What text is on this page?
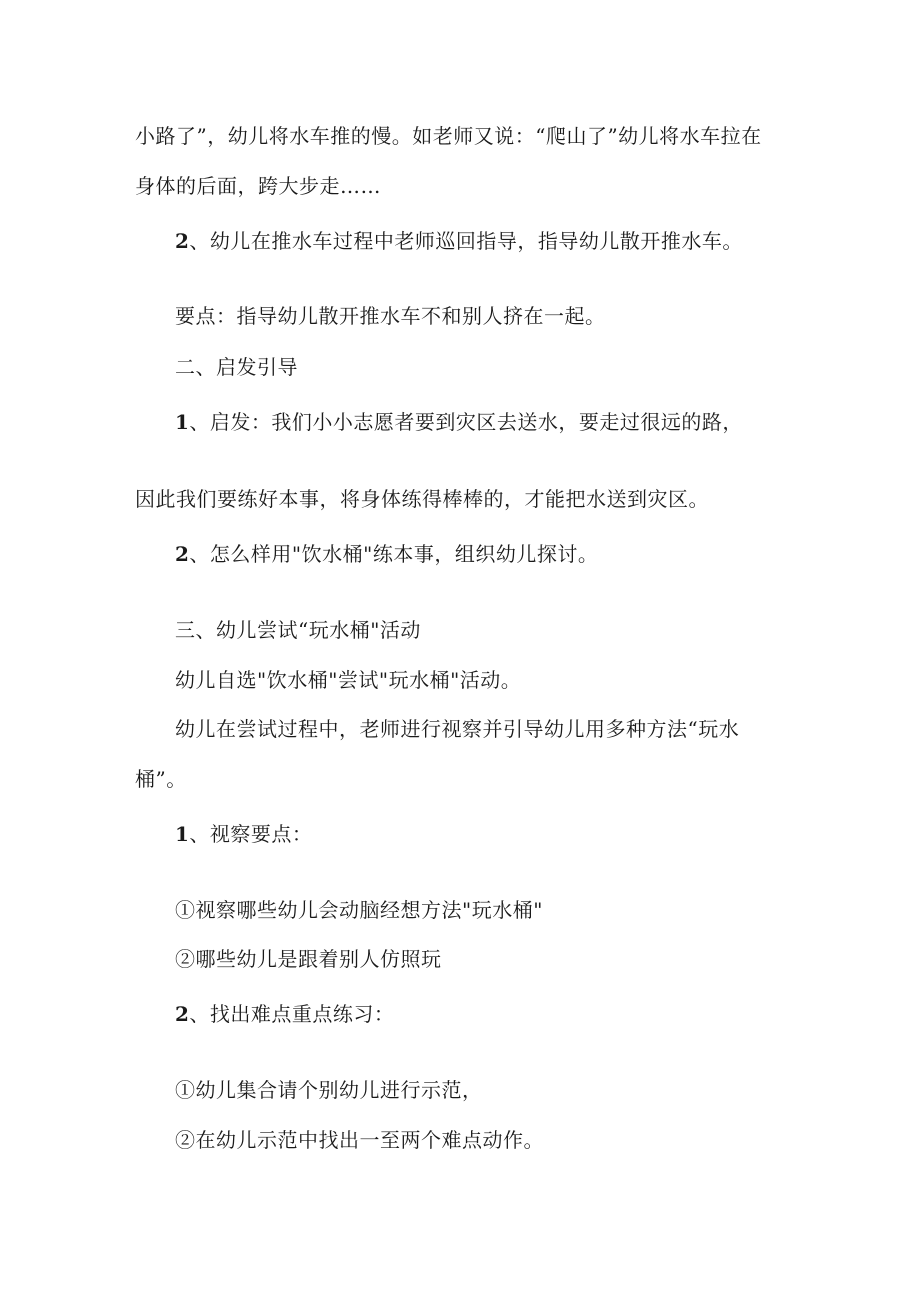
小路了”，幼儿将水车推的慢。如老师又说：“爬山了”幼儿将水车拉在
身体的后面，跨大步走……
2、幼儿在推水车过程中老师巡回指导，指导幼儿散开推水车。
要点：指导幼儿散开推水车不和别人挤在一起。
二、启发引导
1、启发：我们小小志愿者要到灾区去送水，要走过很远的路，
因此我们要练好本事，将身体练得棒棒的，才能把水送到灾区。
2、怎么样用"饮水桶"练本事，组织幼儿探讨。
三、幼儿尝试“玩水桶"活动
幼儿自选"饮水桶"尝试"玩水桶"活动。
幼儿在尝试过程中，老师进行视察并引导幼儿用多种方法“玩水
桶”。
1、视察要点：
①视察哪些幼儿会动脑经想方法"玩水桶"
②哪些幼儿是跟着别人仿照玩
2、找出难点重点练习：
①幼儿集合请个别幼儿进行示范，
②在幼儿示范中找出一至两个难点动作。
